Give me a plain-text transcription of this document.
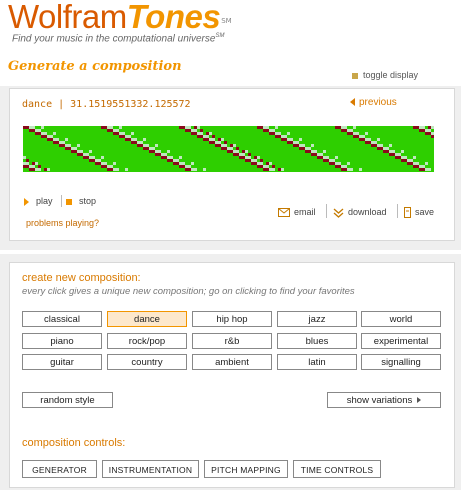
WolframTones℠
Find your music in the computational universe℠
Generate a composition
toggle display
dance | 31.1519551332.125572	previous
play	stop
problems playing?
email	download	save
create new composition:
every click gives a unique new composition; go on clicking to find your favorites
classical	dance	hip hop	jazz	world
piano	rock/pop	r&b	blues	experimental
guitar	country	ambient	latin	signalling
random style	show variations
composition controls:
GENERATOR	INSTRUMENTATION	PITCH MAPPING	TIME CONTROLS
